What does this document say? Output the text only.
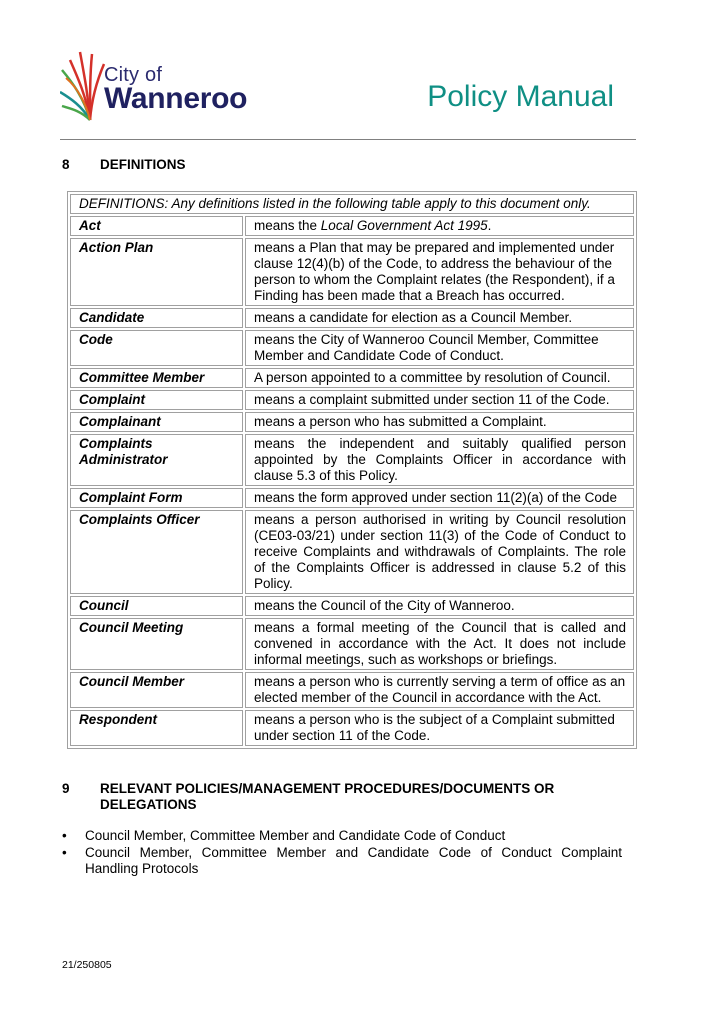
City of
Wanneroo	Policy Manual
8 DEFINITIONS
DEFINITIONS: Any definitions listed in the following table apply to this document only.	
Act	means the Local Government Act 1995.
Action Plan	means a Plan that may be prepared and implemented under clause 12(4)(b) of the Code, to address the behaviour of the person to whom the Complaint relates (the Respondent), if a Finding has been made that a Breach has occurred.
Candidate	means a candidate for election as a Council Member.
Code	means the City of Wanneroo Council Member, Committee Member and Candidate Code of Conduct.
Committee Member	A person appointed to a committee by resolution of Council.
Complaint	means a complaint submitted under section 11 of the Code.
Complainant	means a person who has submitted a Complaint.
Complaints Administrator	means the independent and suitably qualified person appointed by the Complaints Officer in accordance with clause 5.3 of this Policy.
Complaint Form	means the form approved under section 11(2)(a) of the Code
Complaints Officer	means a person authorised in writing by Council resolution (CE03-03/21) under section 11(3) of the Code of Conduct to receive Complaints and withdrawals of Complaints. The role of the Complaints Officer is addressed in clause 5.2 of this Policy.
Council	means the Council of the City of Wanneroo.
Council Meeting	means a formal meeting of the Council that is called and convened in accordance with the Act. It does not include informal meetings, such as workshops or briefings.
Council Member	means a person who is currently serving a term of office as an elected member of the Council in accordance with the Act.
Respondent	means a person who is the subject of a Complaint submitted under section 11 of the Code.
9 RELEVANT POLICIES/MANAGEMENT PROCEDURES/DOCUMENTS OR
DELEGATIONS
• Council Member, Committee Member and Candidate Code of Conduct
• Council Member, Committee Member and Candidate Code of Conduct Complaint Handling Protocols
21/250805
